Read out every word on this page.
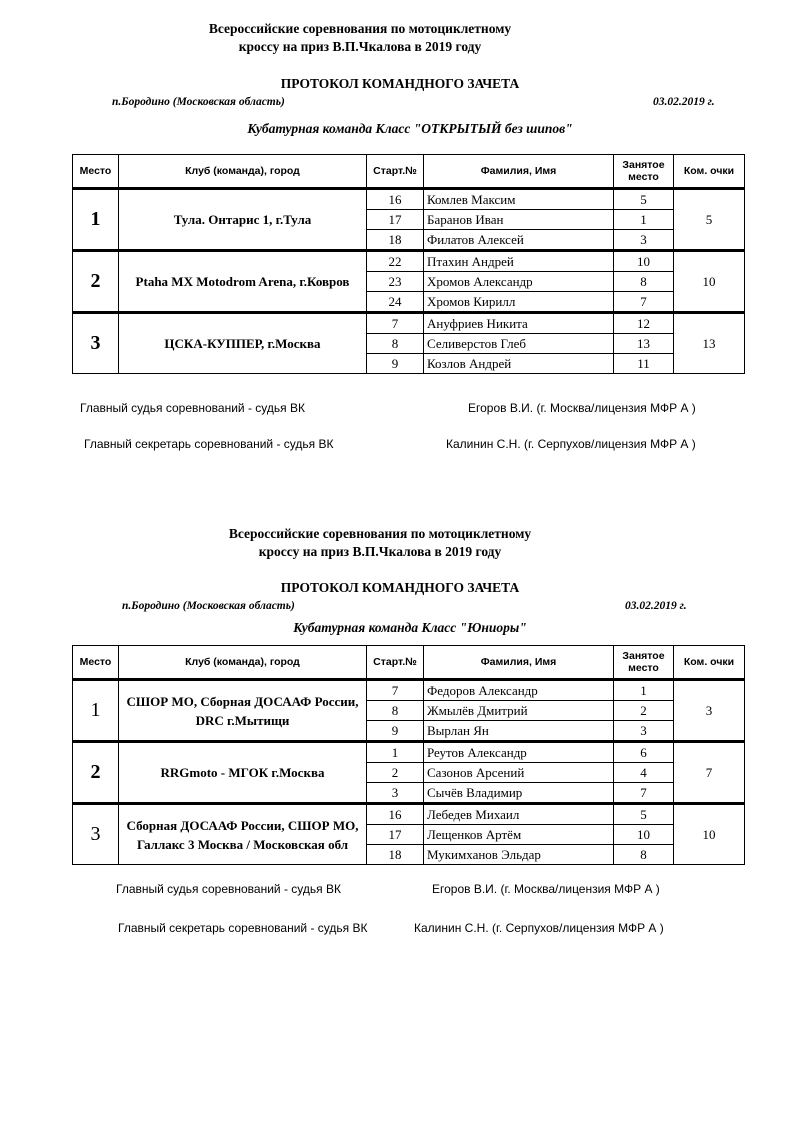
Всероссийские соревнования по мотоциклетному
кроссу на приз В.П.Чкалова в 2019 году
ПРОТОКОЛ КОМАНДНОГО ЗАЧЕТА
п.Бородино (Московская область)	03.02.2019 г.
Кубатурная команда Класс "ОТКРЫТЫЙ без шипов"
Место	Клуб (команда), город	Старт.№	Фамилия, Имя	Занятое место	Ком. очки
1	Тула. Онтарис 1, г.Тула	16	Комлев Максим	5	5
		17	Баранов Иван	1	
		18	Филатов Алексей	3	
2	Ptaha MX Motodrom Arena, г.Ковров	22	Птахин Андрей	10	10
		23	Хромов Александр	8	
		24	Хромов Кирилл	7	
3	ЦСКА-КУППЕР, г.Москва	7	Ануфриев Никита	12	13
		8	Селиверстов Глеб	13	
		9	Козлов Андрей	11	
Главный судья соревнований - судья ВК	Егоров В.И. (г. Москва/лицензия МФР А )
Главный секретарь соревнований - судья ВК	Калинин С.Н. (г. Серпухов/лицензия МФР А )
Всероссийские соревнования по мотоциклетному
кроссу на приз В.П.Чкалова в 2019 году
ПРОТОКОЛ КОМАНДНОГО ЗАЧЕТА
п.Бородино (Московская область)	03.02.2019 г.
Кубатурная команда Класс "Юниоры"
Место	Клуб (команда), город	Старт.№	Фамилия, Имя	Занятое место	Ком. очки
1	СШОР МО, Сборная ДОСААФ России, DRC г.Мытищи	7	Федоров Александр	1	3
		8	Жмылёв Дмитрий	2	
		9	Вырлан Ян	3	
2	RRGmoto - МГОК г.Москва	1	Реутов Александр	6	7
		2	Сазонов Арсений	4	
		3	Сычёв Владимир	7	
3	Сборная ДОСААФ России, СШОР МО, Галлакс 3 Москва / Московская обл	16	Лебедев Михаил	5	10
		17	Лещенков Артём	10	
		18	Мукимханов Эльдар	8	
Главный судья соревнований - судья ВК	Егоров В.И. (г. Москва/лицензия МФР А )
Главный секретарь соревнований - судья ВК	Калинин С.Н. (г. Серпухов/лицензия МФР А )
